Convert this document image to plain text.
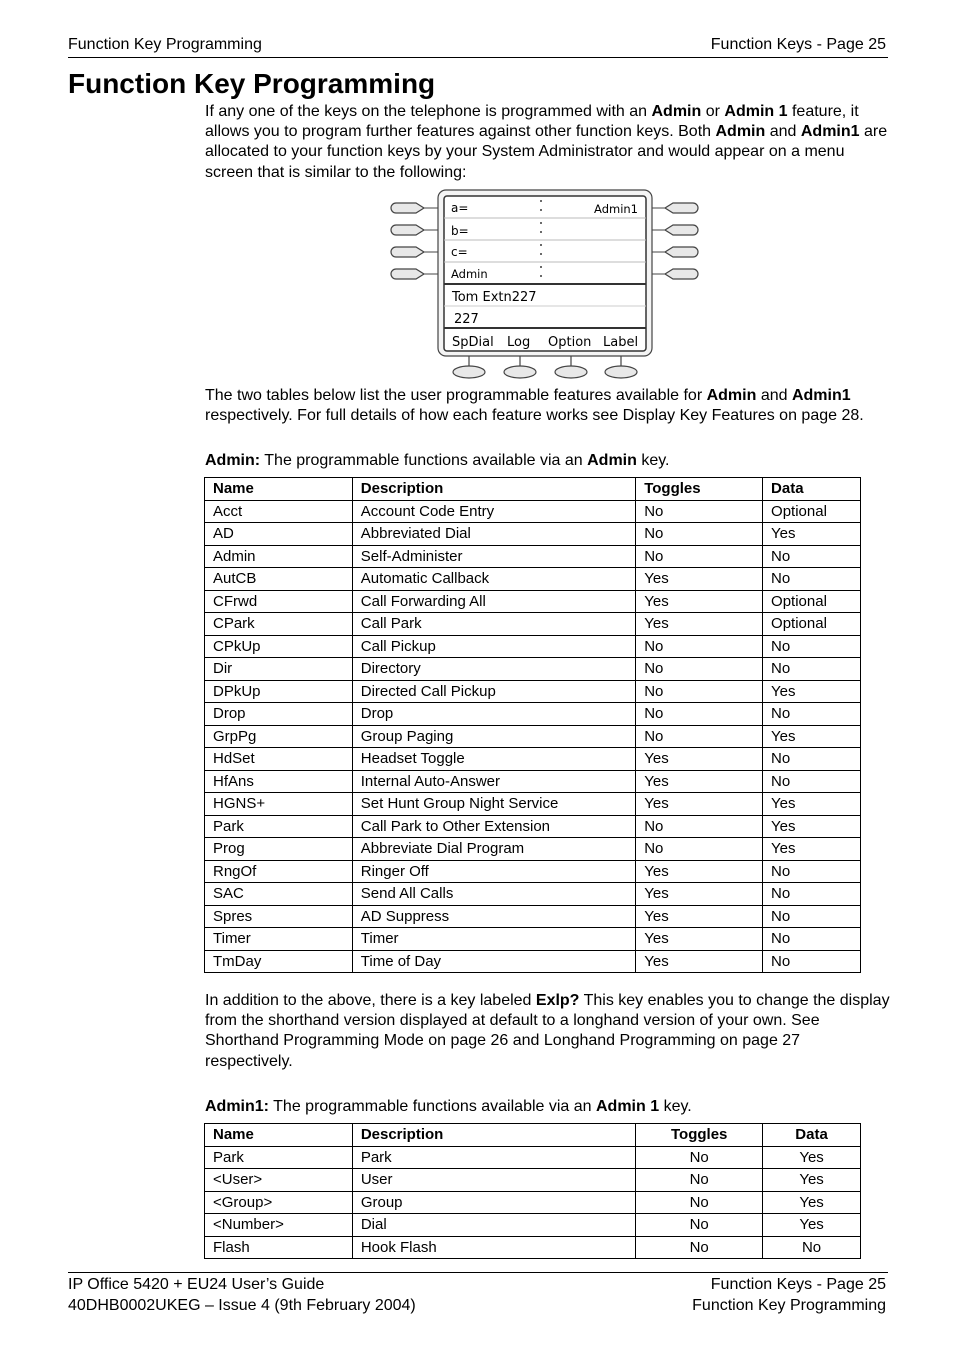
Function Key Programming	Function Keys - Page 25
Function Key Programming
If any one of the keys on the telephone is programmed with an Admin or Admin 1 feature, it allows you to program further features against other function keys. Both Admin and Admin1 are allocated to your function keys by your System Administrator and would appear on a menu screen that is similar to the following:
a=
b=
c=
Admin
Admin1
Tom Extn227
227
SpDial Log Option Label
The two tables below list the user programmable features available for Admin and Admin1 respectively. For full details of how each feature works see Display Key Features on page 28.
Admin: The programmable functions available via an Admin key.
Name	Description	Toggles	Data
Acct	Account Code Entry	No	Optional
AD	Abbreviated Dial	No	Yes
Admin	Self-Administer	No	No
AutCB	Automatic Callback	Yes	No
CFrwd	Call Forwarding All	Yes	Optional
CPark	Call Park	Yes	Optional
CPkUp	Call Pickup	No	No
Dir	Directory	No	No
DPkUp	Directed Call Pickup	No	Yes
Drop	Drop	No	No
GrpPg	Group Paging	No	Yes
HdSet	Headset Toggle	Yes	No
HfAns	Internal Auto-Answer	Yes	No
HGNS+	Set Hunt Group Night Service	Yes	Yes
Park	Call Park to Other Extension	No	Yes
Prog	Abbreviate Dial Program	No	Yes
RngOf	Ringer Off	Yes	No
SAC	Send All Calls	Yes	No
Spres	AD Suppress	Yes	No
Timer	Timer	Yes	No
TmDay	Time of Day	Yes	No
In addition to the above, there is a key labeled Exlp? This key enables you to change the display from the shorthand version displayed at default to a longhand version of your own. See Shorthand Programming Mode on page 26 and Longhand Programming on page 27 respectively.
Admin1: The programmable functions available via an Admin 1 key.
Name	Description	Toggles	Data
Park	Park	No	Yes
<User>	User	No	Yes
<Group>	Group	No	Yes
<Number>	Dial	No	Yes
Flash	Hook Flash	No	No
IP Office 5420 + EU24 User’s Guide
40DHB0002UKEG – Issue 4 (9th February 2004)
Function Keys - Page 25
Function Key Programming
